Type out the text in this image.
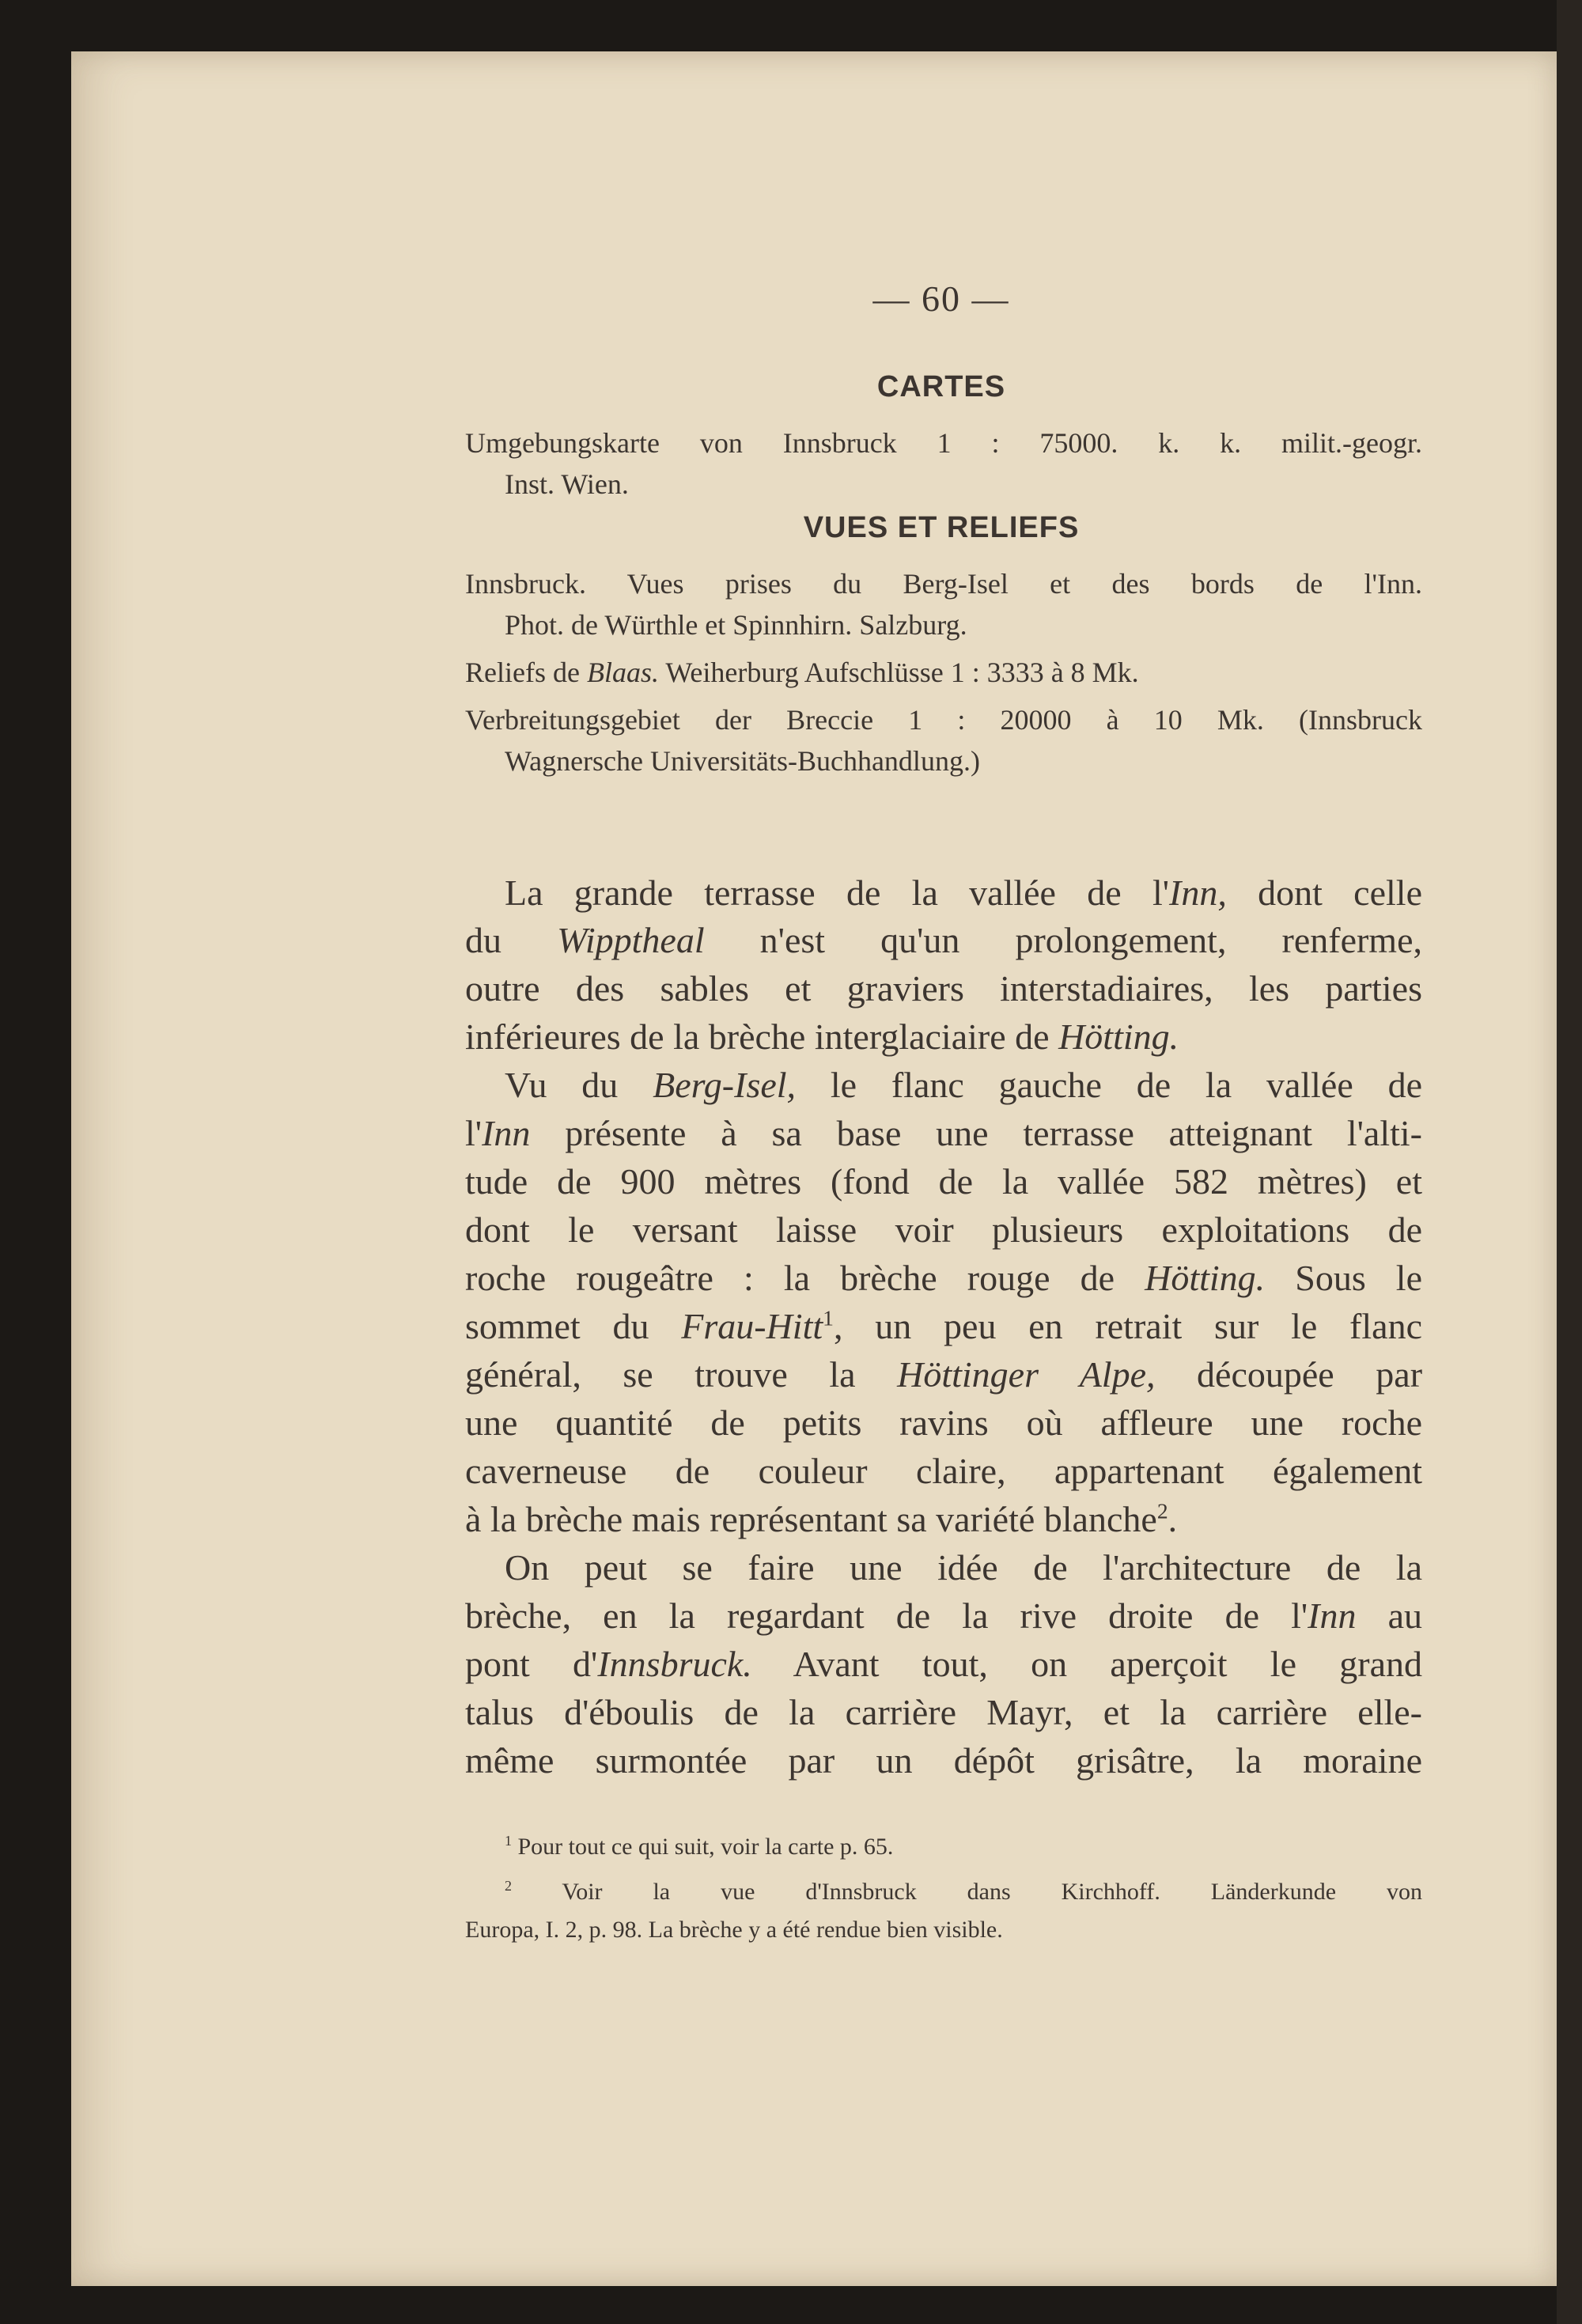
— 60 —

CARTES

Umgebungskarte von Innsbruck 1 : 75000. k. k. milit.-geogr.

Inst. Wien.

VUES ET RELIEFS

Innsbruck. Vues prises du Berg-Isel et des bords de l'Inn.

Phot. de Würthle et Spinnhirn. Salzburg.

Reliefs de Blaas. Weiherburg Aufschlüsse 1 : 3333 à 8 Mk.

Verbreitungsgebiet der Breccie 1 : 20000 à 10 Mk. (Innsbruck

Wagnersche Universitäts-Buchhandlung.)

La grande terrasse de la vallée de l'Inn, dont celle

du Wipptheal n'est qu'un prolongement, renferme,

outre des sables et graviers interstadiaires, les parties

inférieures de la brèche interglaciaire de Hötting.

Vu du Berg-Isel, le flanc gauche de la vallée de

l'Inn présente à sa base une terrasse atteignant l'alti-

tude de 900 mètres (fond de la vallée 582 mètres) et

dont le versant laisse voir plusieurs exploitations de

roche rougeâtre : la brèche rouge de Hötting. Sous le

sommet du Frau-Hitt$^1$, un peu en retrait sur le flanc

général, se trouve la Höttinger Alpe, découpée par

une quantité de petits ravins où affleure une roche

caverneuse de couleur claire, appartenant également

à la brèche mais représentant sa variété blanche$^2$.

On peut se faire une idée de l'architecture de la

brèche, en la regardant de la rive droite de l'Inn au

pont d'Innsbruck. Avant tout, on aperçoit le grand

talus d'éboulis de la carrière Mayr, et la carrière elle-

même surmontée par un dépôt grisâtre, la moraine

$^1$ Pour tout ce qui suit, voir la carte p. 65.

$^2$ Voir la vue d'Innsbruck dans Kirchhoff. Länderkunde von

Europa, I. 2, p. 98. La brèche y a été rendue bien visible.
